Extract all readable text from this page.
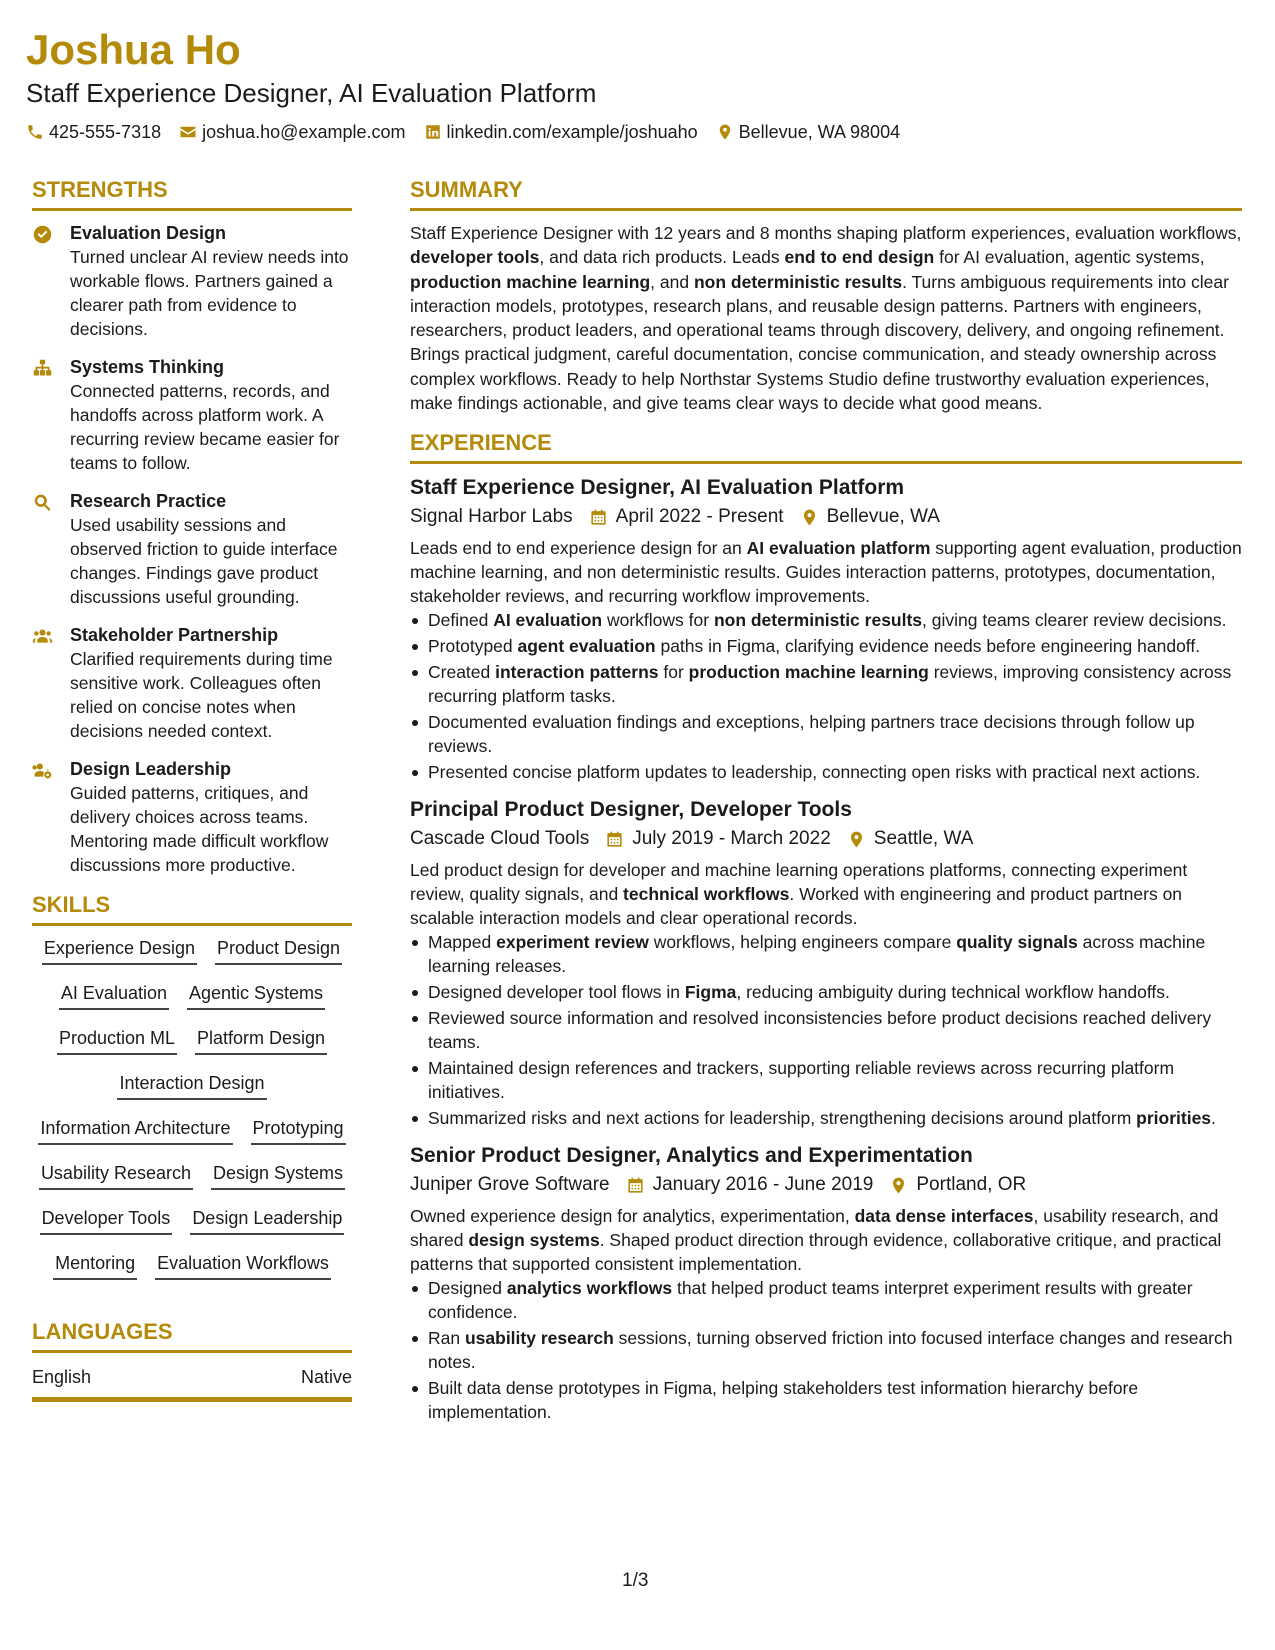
Joshua Ho
Staff Experience Designer, AI Evaluation Platform
425-555-7318 joshua.ho@example.com linkedin.com/example/joshuaho Bellevue, WA 98004
STRENGTHS
Evaluation Design
Turned unclear AI review needs into workable flows. Partners gained a clearer path from evidence to decisions.
Systems Thinking
Connected patterns, records, and handoffs across platform work. A recurring review became easier for teams to follow.
Research Practice
Used usability sessions and observed friction to guide interface changes. Findings gave product discussions useful grounding.
Stakeholder Partnership
Clarified requirements during time sensitive work. Colleagues often relied on concise notes when decisions needed context.
Design Leadership
Guided patterns, critiques, and delivery choices across teams. Mentoring made difficult workflow discussions more productive.
SKILLS
Experience Design Product Design
AI Evaluation Agentic Systems
Production ML Platform Design
Interaction Design
Information Architecture Prototyping
Usability Research Design Systems
Developer Tools Design Leadership
Mentoring Evaluation Workflows
LANGUAGES
English	Native
SUMMARY
Staff Experience Designer with 12 years and 8 months shaping platform experiences, evaluation workflows, developer tools, and data rich products. Leads end to end design for AI evaluation, agentic systems, production machine learning, and non deterministic results. Turns ambiguous requirements into clear interaction models, prototypes, research plans, and reusable design patterns. Partners with engineers, researchers, product leaders, and operational teams through discovery, delivery, and ongoing refinement. Brings practical judgment, careful documentation, concise communication, and steady ownership across complex workflows. Ready to help Northstar Systems Studio define trustworthy evaluation experiences, make findings actionable, and give teams clear ways to decide what good means.
EXPERIENCE
Staff Experience Designer, AI Evaluation Platform
Signal Harbor Labs April 2022 - Present Bellevue, WA
Leads end to end experience design for an AI evaluation platform supporting agent evaluation, production machine learning, and non deterministic results. Guides interaction patterns, prototypes, documentation, stakeholder reviews, and recurring workflow improvements.
Defined AI evaluation workflows for non deterministic results, giving teams clearer review decisions.
Prototyped agent evaluation paths in Figma, clarifying evidence needs before engineering handoff.
Created interaction patterns for production machine learning reviews, improving consistency across recurring platform tasks.
Documented evaluation findings and exceptions, helping partners trace decisions through follow up reviews.
Presented concise platform updates to leadership, connecting open risks with practical next actions.
Principal Product Designer, Developer Tools
Cascade Cloud Tools July 2019 - March 2022 Seattle, WA
Led product design for developer and machine learning operations platforms, connecting experiment review, quality signals, and technical workflows. Worked with engineering and product partners on scalable interaction models and clear operational records.
Mapped experiment review workflows, helping engineers compare quality signals across machine learning releases.
Designed developer tool flows in Figma, reducing ambiguity during technical workflow handoffs.
Reviewed source information and resolved inconsistencies before product decisions reached delivery teams.
Maintained design references and trackers, supporting reliable reviews across recurring platform initiatives.
Summarized risks and next actions for leadership, strengthening decisions around platform priorities.
Senior Product Designer, Analytics and Experimentation
Juniper Grove Software January 2016 - June 2019 Portland, OR
Owned experience design for analytics, experimentation, data dense interfaces, usability research, and shared design systems. Shaped product direction through evidence, collaborative critique, and practical patterns that supported consistent implementation.
Designed analytics workflows that helped product teams interpret experiment results with greater confidence.
Ran usability research sessions, turning observed friction into focused interface changes and research notes.
Built data dense prototypes in Figma, helping stakeholders test information hierarchy before implementation.
1/3
